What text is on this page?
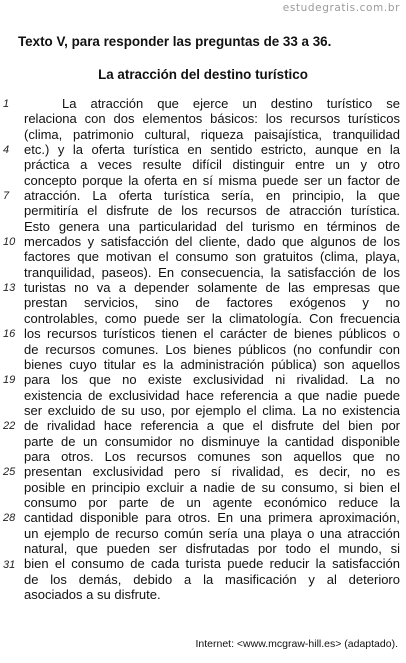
estudegratis.com.br
Texto V, para responder las preguntas de 33 a 36.
La atracción del destino turístico
1
4
7
10
13
16
19
22
25
28
31
La atracción que ejerce un destino turístico se
relaciona con dos elementos básicos: los recursos turísticos
(clima, patrimonio cultural, riqueza paisajística, tranquilidad
etc.) y la oferta turística en sentido estricto, aunque en la
práctica a veces resulte difícil distinguir entre un y otro
concepto porque la oferta en sí misma puede ser un factor de
atracción. La oferta turística sería, en principio, la que
permitiría el disfrute de los recursos de atracción turística.
Esto genera una particularidad del turismo en términos de
mercados y satisfacción del cliente, dado que algunos de los
factores que motivan el consumo son gratuitos (clima, playa,
tranquilidad, paseos). En consecuencia, la satisfacción de los
turistas no va a depender solamente de las empresas que
prestan servicios, sino de factores exógenos y no
controlables, como puede ser la climatología. Con frecuencia
los recursos turísticos tienen el carácter de bienes públicos o
de recursos comunes. Los bienes públicos (no confundir con
bienes cuyo titular es la administración pública) son aquellos
para los que no existe exclusividad ni rivalidad. La no
existencia de exclusividad hace referencia a que nadie puede
ser excluido de su uso, por ejemplo el clima. La no existencia
de rivalidad hace referencia a que el disfrute del bien por
parte de un consumidor no disminuye la cantidad disponible
para otros. Los recursos comunes son aquellos que no
presentan exclusividad pero sí rivalidad, es decir, no es
posible en principio excluir a nadie de su consumo, si bien el
consumo por parte de un agente económico reduce la
cantidad disponible para otros. En una primera aproximación,
un ejemplo de recurso común sería una playa o una atracción
natural, que pueden ser disfrutadas por todo el mundo, si
bien el consumo de cada turista puede reducir la satisfacción
de los demás, debido a la masificación y al deterioro
asociados a su disfrute.
Internet: <www.mcgraw-hill.es> (adaptado).
